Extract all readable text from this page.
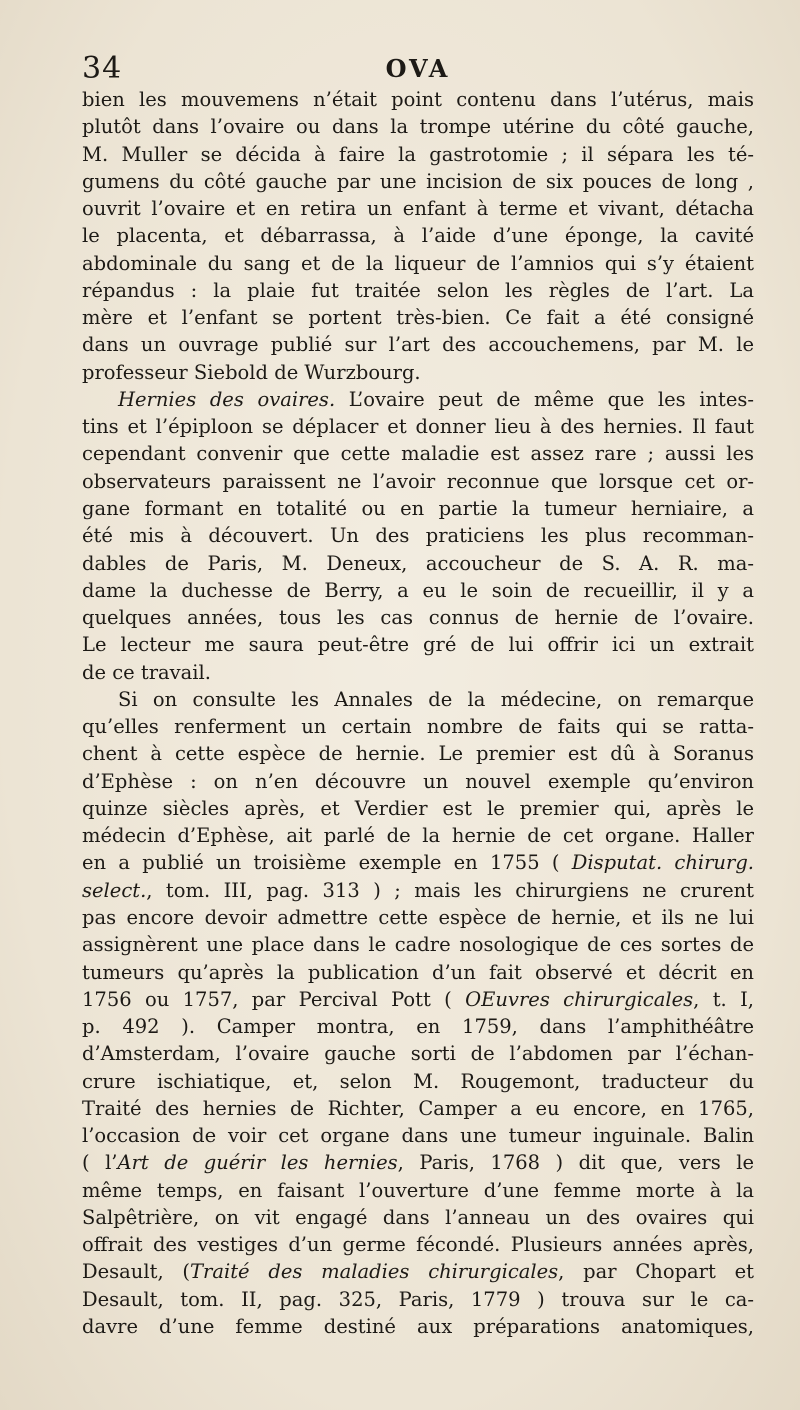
34	OVA
bien les mouvemens n’était point contenu dans l’utérus, mais
plutôt dans l’ovaire ou dans la trompe utérine du côté gauche,
M. Muller se décida à faire la gastrotomie ; il sépara les té-
gumens du côté gauche par une incision de six pouces de long ,
ouvrit l’ovaire et en retira un enfant à terme et vivant, détacha
le placenta, et débarrassa, à l’aide d’une éponge, la cavité
abdominale du sang et de la liqueur de l’amnios qui s’y étaient
répandus : la plaie fut traitée selon les règles de l’art. La
mère et l’enfant se portent très-bien. Ce fait a été consigné
dans un ouvrage publié sur l’art des accouchemens, par M. le
professeur Siebold de Wurzbourg.
Hernies des ovaires. L’ovaire peut de même que les intes-
tins et l’épiploon se déplacer et donner lieu à des hernies. Il faut
cependant convenir que cette maladie est assez rare ; aussi les
observateurs paraissent ne l’avoir reconnue que lorsque cet or-
gane formant en totalité ou en partie la tumeur herniaire, a
été mis à découvert. Un des praticiens les plus recomman-
dables de Paris, M. Deneux, accoucheur de S. A. R. ma-
dame la duchesse de Berry, a eu le soin de recueillir, il y a
quelques années, tous les cas connus de hernie de l’ovaire.
Le lecteur me saura peut-être gré de lui offrir ici un extrait
de ce travail.
Si on consulte les Annales de la médecine, on remarque
qu’elles renferment un certain nombre de faits qui se ratta-
chent à cette espèce de hernie. Le premier est dû à Soranus
d’Ephèse : on n’en découvre un nouvel exemple qu’environ
quinze siècles après, et Verdier est le premier qui, après le
médecin d’Ephèse, ait parlé de la hernie de cet organe. Haller
en a publié un troisième exemple en 1755 ( Disputat. chirurg.
select., tom. III, pag. 313 ) ; mais les chirurgiens ne crurent
pas encore devoir admettre cette espèce de hernie, et ils ne lui
assignèrent une place dans le cadre nosologique de ces sortes de
tumeurs qu’après la publication d’un fait observé et décrit en
1756 ou 1757, par Percival Pott ( OEuvres chirurgicales, t. I,
p. 492 ). Camper montra, en 1759, dans l’amphithéâtre
d’Amsterdam, l’ovaire gauche sorti de l’abdomen par l’échan-
crure ischiatique, et, selon M. Rougemont, traducteur du
Traité des hernies de Richter, Camper a eu encore, en 1765,
l’occasion de voir cet organe dans une tumeur inguinale. Balin
( l’Art de guérir les hernies, Paris, 1768 ) dit que, vers le
même temps, en faisant l’ouverture d’une femme morte à la
Salpêtrière, on vit engagé dans l’anneau un des ovaires qui
offrait des vestiges d’un germe fécondé. Plusieurs années après,
Desault, (Traité des maladies chirurgicales, par Chopart et
Desault, tom. II, pag. 325, Paris, 1779 ) trouva sur le ca-
davre d’une femme destiné aux préparations anatomiques,
